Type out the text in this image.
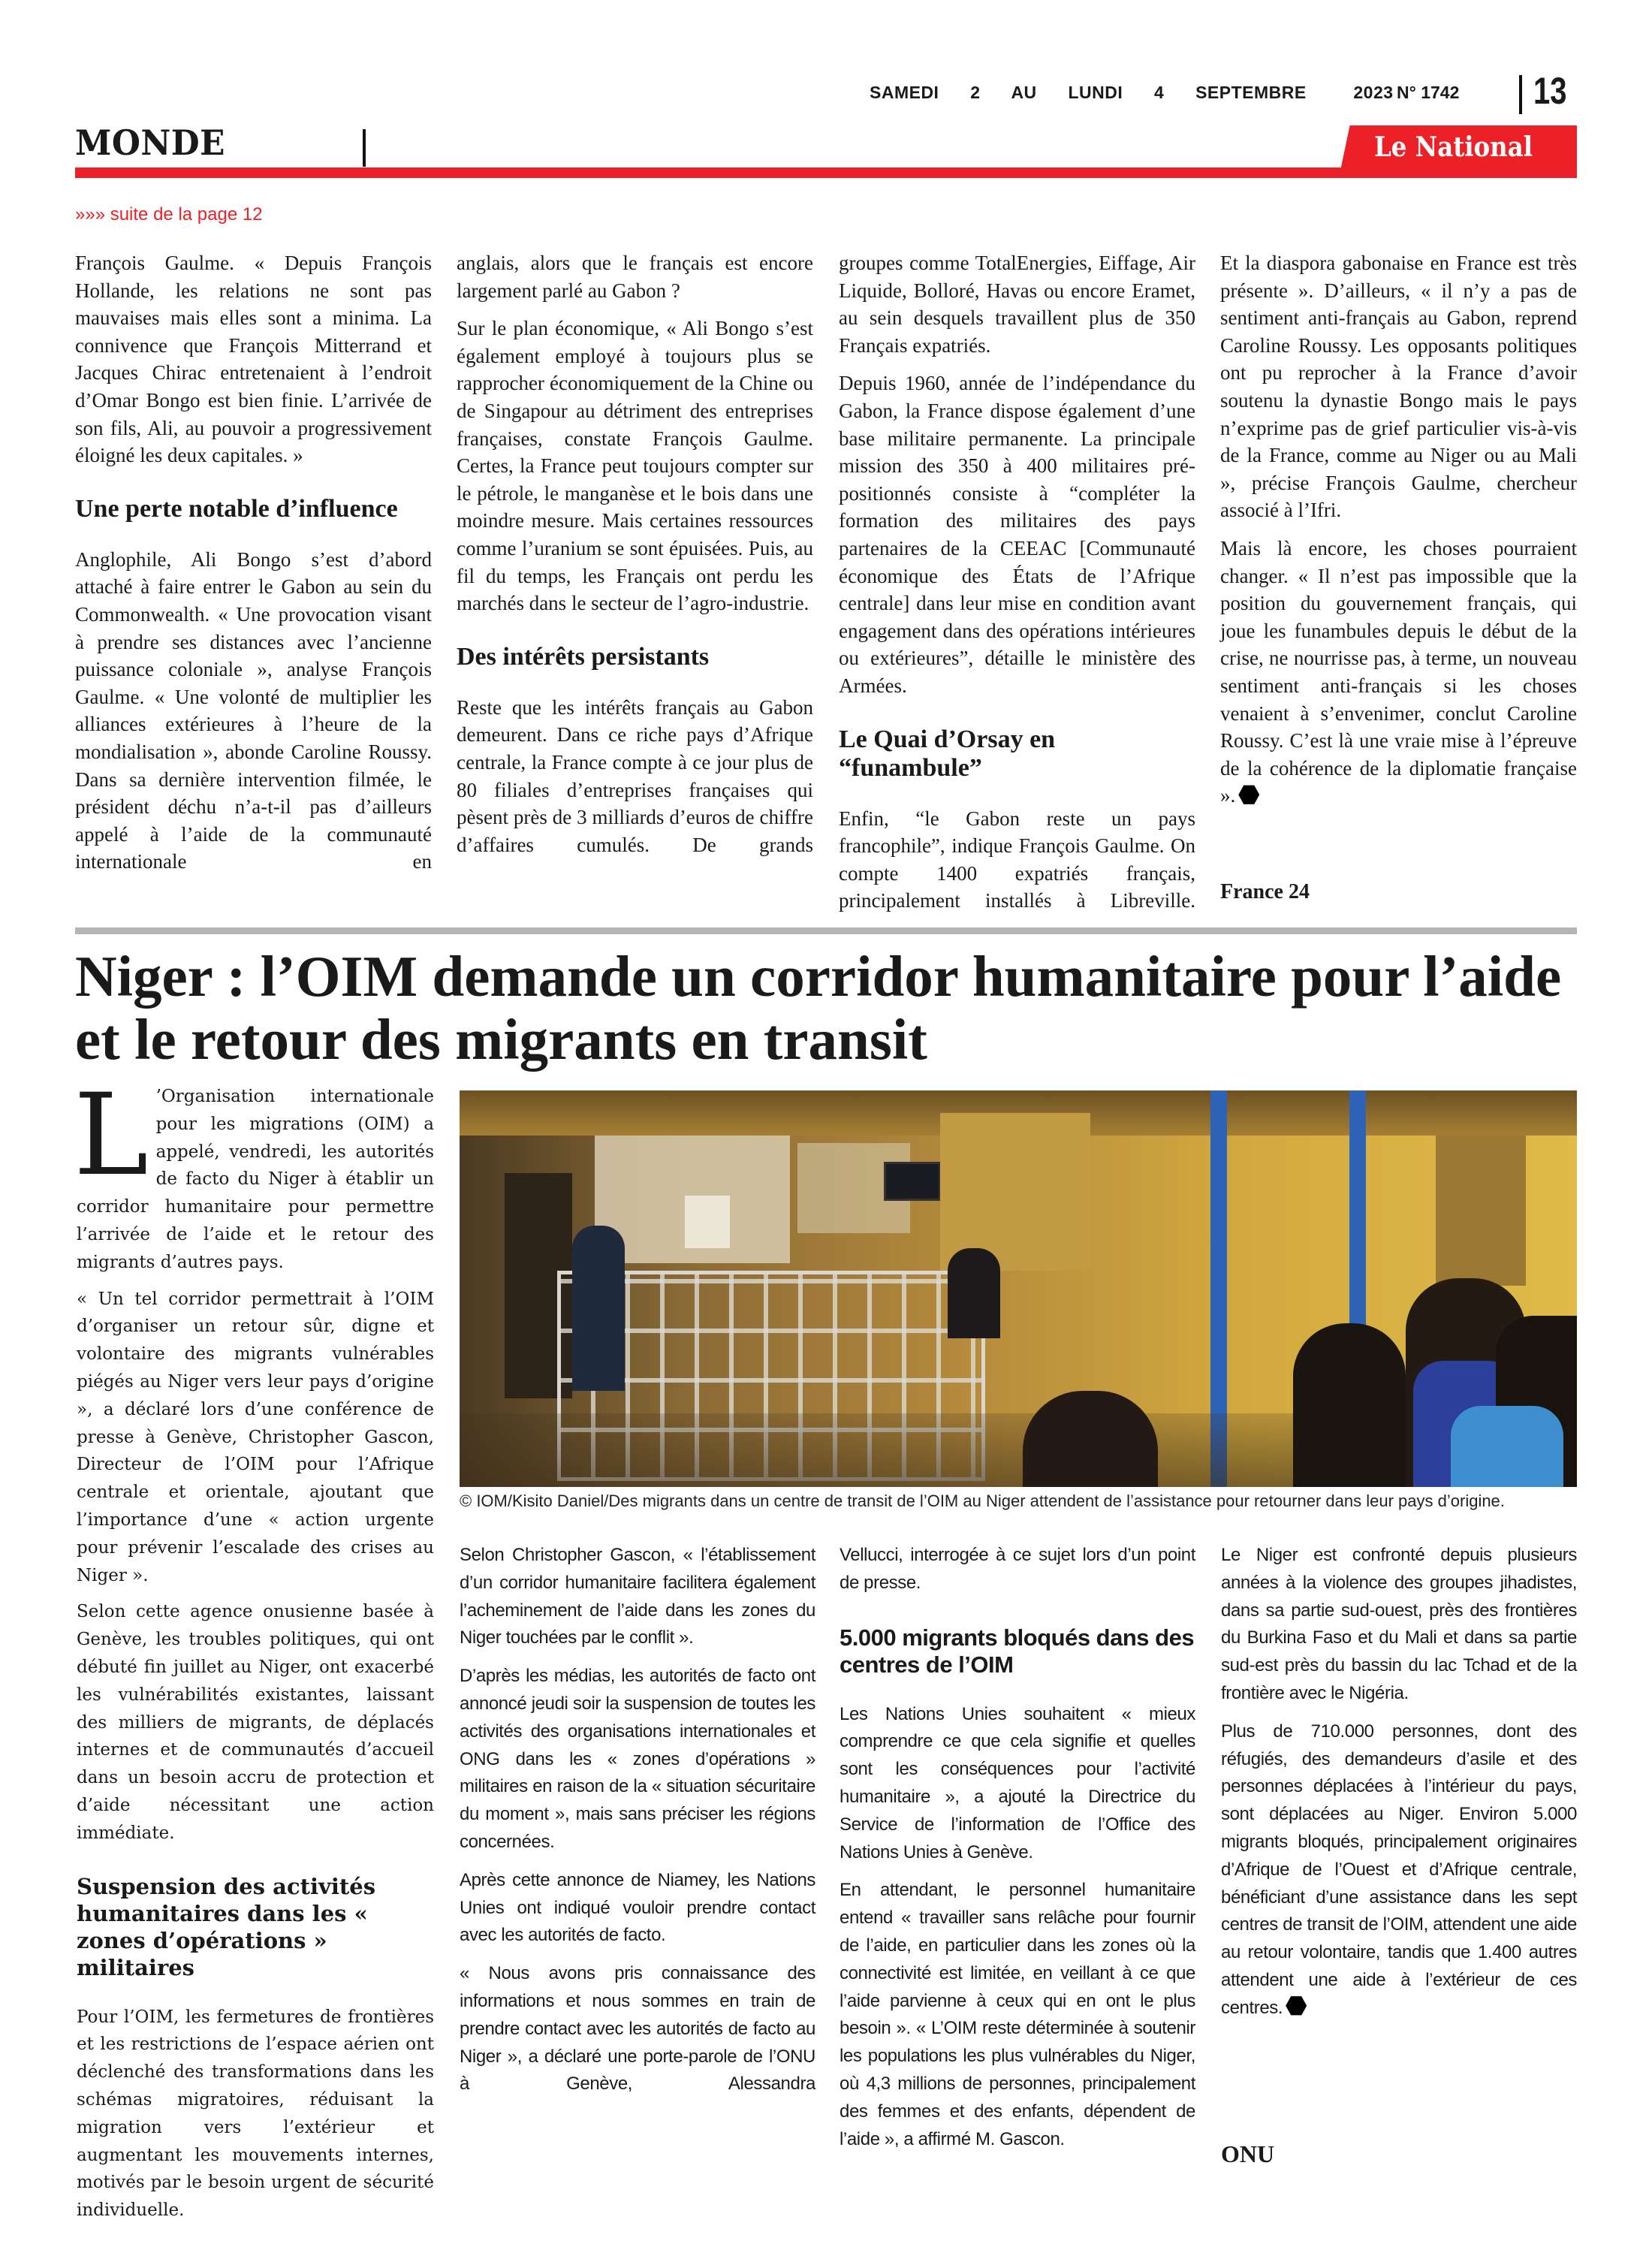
SAMEDI  2  AU  LUNDI  4  SEPTEMBRE   2023 N° 1742 13
MONDE	Le National
»»» suite de la page 12

François Gaulme. « Depuis François Hollande, les relations ne sont pas mauvaises mais elles sont a minima. La connivence que François Mitterrand et Jacques Chirac entretenaient à l’endroit d’Omar Bongo est bien finie. L’arrivée de son fils, Ali, au pouvoir a progressivement éloigné les deux capitales. »

Une perte notable d’influence

Anglophile, Ali Bongo s’est d’abord attaché à faire entrer le Gabon au sein du Commonwealth. « Une provocation visant à prendre ses distances avec l’ancienne puissance coloniale », analyse François Gaulme. « Une volonté de multiplier les alliances extérieures à l’heure de la mondialisation », abonde Caroline Roussy. Dans sa dernière intervention filmée, le président déchu n’a-t-il pas d’ailleurs appelé à l’aide de la communauté internationale en

anglais, alors que le français est encore largement parlé au Gabon ?

Sur le plan économique, « Ali Bongo s’est également employé à toujours plus se rapprocher économiquement de la Chine ou de Singapour au détriment des entreprises françaises, constate François Gaulme. Certes, la France peut toujours compter sur le pétrole, le manganèse et le bois dans une moindre mesure. Mais certaines ressources comme l’uranium se sont épuisées. Puis, au fil du temps, les Français ont perdu les marchés dans le secteur de l’agro-industrie.

Des intérêts persistants

Reste que les intérêts français au Gabon demeurent. Dans ce riche pays d’Afrique centrale, la France compte à ce jour plus de 80 filiales d’entreprises françaises qui pèsent près de 3 milliards d’euros de chiffre d’affaires cumulés. De grands

groupes comme TotalEnergies, Eiffage, Air Liquide, Bolloré, Havas ou encore Eramet, au sein desquels travaillent plus de 350 Français expatriés.

Depuis 1960, année de l’indépendance du Gabon, la France dispose également d’une base militaire permanente. La principale mission des 350 à 400 militaires pré-positionnés consiste à “compléter la formation des militaires des pays partenaires de la CEEAC [Communauté économique des États de l’Afrique centrale] dans leur mise en condition avant engagement dans des opérations intérieures ou extérieures”, détaille le ministère des Armées.

Le Quai d’Orsay en “funambule”

Enfin, “le Gabon reste un pays francophile”, indique François Gaulme. On compte 1400 expatriés français, principalement installés à Libreville.

Et la diaspora gabonaise en France est très présente ». D’ailleurs, « il n’y a pas de sentiment anti-français au Gabon, reprend Caroline Roussy. Les opposants politiques ont pu reprocher à la France d’avoir soutenu la dynastie Bongo mais le pays n’exprime pas de grief particulier vis-à-vis de la France, comme au Niger ou au Mali », précise François Gaulme, chercheur associé à l’Ifri.

Mais là encore, les choses pourraient changer. « Il n’est pas impossible que la position du gouvernement français, qui joue les funambules depuis le début de la crise, ne nourrisse pas, à terme, un nouveau sentiment anti-français si les choses venaient à s’envenimer, conclut Caroline Roussy. C’est là une vraie mise à l’épreuve de la cohérence de la diplomatie française ».

France 24
Niger : l’OIM demande un corridor humanitaire pour l’aide et le retour des migrants en transit
L ’Organisation internationale pour les migrations (OIM) a appelé, vendredi, les autorités de facto du Niger à établir un corridor humanitaire pour permettre l’arrivée de l’aide et le retour des migrants d’autres pays.

« Un tel corridor permettrait à l’OIM d’organiser un retour sûr, digne et volontaire des migrants vulnérables piégés au Niger vers leur pays d’origine », a déclaré lors d’une conférence de presse à Genève, Christopher Gascon, Directeur de l’OIM pour l’Afrique centrale et orientale, ajoutant que l’importance d’une « action urgente pour prévenir l’escalade des crises au Niger ».

Selon cette agence onusienne basée à Genève, les troubles politiques, qui ont débuté fin juillet au Niger, ont exacerbé les vulnérabilités existantes, laissant des milliers de migrants, de déplacés internes et de communautés d’accueil dans un besoin accru de protection et d’aide nécessitant une action immédiate.

Suspension des activités humanitaires dans les « zones d’opérations » militaires

Pour l’OIM, les fermetures de frontières et les restrictions de l’espace aérien ont déclenché des transformations dans les schémas migratoires, réduisant la migration vers l’extérieur et augmentant les mouvements internes, motivés par le besoin urgent de sécurité individuelle.

© IOM/Kisito Daniel/Des migrants dans un centre de transit de l’OIM au Niger attendent de l’assistance pour retourner dans leur pays d’origine.

Selon Christopher Gascon, « l’établissement d’un corridor humanitaire facilitera également l’acheminement de l’aide dans les zones du Niger touchées par le conflit ».

D’après les médias, les autorités de facto ont annoncé jeudi soir la suspension de toutes les activités des organisations internationales et ONG dans les « zones d’opérations » militaires en raison de la « situation sécuritaire du moment », mais sans préciser les régions concernées.

Après cette annonce de Niamey, les Nations Unies ont indiqué vouloir prendre contact avec les autorités de facto.

« Nous avons pris connaissance des informations et nous sommes en train de prendre contact avec les autorités de facto au Niger », a déclaré une porte-parole de l’ONU à Genève, Alessandra

Vellucci, interrogée à ce sujet lors d’un point de presse.

5.000 migrants bloqués dans des centres de l’OIM

Les Nations Unies souhaitent « mieux comprendre ce que cela signifie et quelles sont les conséquences pour l’activité humanitaire », a ajouté la Directrice du Service de l’information de l’Office des Nations Unies à Genève.

En attendant, le personnel humanitaire entend « travailler sans relâche pour fournir de l’aide, en particulier dans les zones où la connectivité est limitée, en veillant à ce que l’aide parvienne à ceux qui en ont le plus besoin ». « L’OIM reste déterminée à soutenir les populations les plus vulnérables du Niger, où 4,3 millions de personnes, principalement des femmes et des enfants, dépendent de l’aide », a affirmé M. Gascon.

Le Niger est confronté depuis plusieurs années à la violence des groupes jihadistes, dans sa partie sud-ouest, près des frontières du Burkina Faso et du Mali et dans sa partie sud-est près du bassin du lac Tchad et de la frontière avec le Nigéria.

Plus de 710.000 personnes, dont des réfugiés, des demandeurs d’asile et des personnes déplacées à l’intérieur du pays, sont déplacées au Niger. Environ 5.000 migrants bloqués, principalement originaires d’Afrique de l’Ouest et d’Afrique centrale, bénéficiant d’une assistance dans les sept centres de transit de l’OIM, attendent une aide au retour volontaire, tandis que 1.400 autres attendent une aide à l’extérieur de ces centres.

ONU
